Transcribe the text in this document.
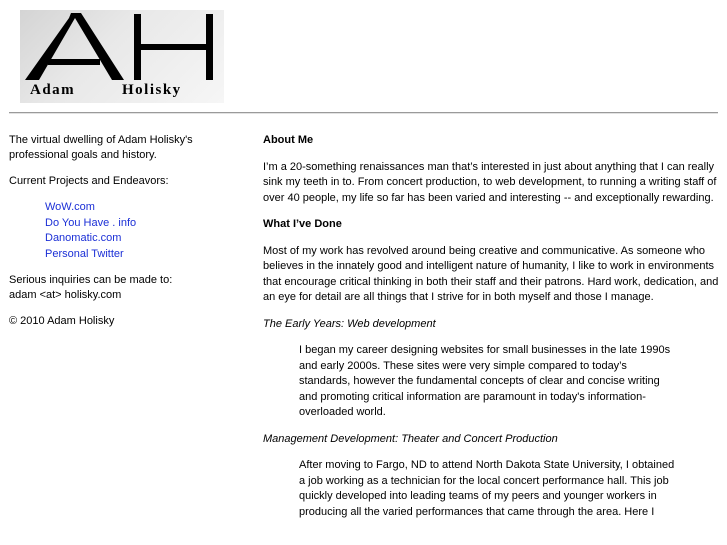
Adam	Holisky

The virtual dwelling of Adam Holisky's professional goals and history.

Current Projects and Endeavors:

WoW.com
Do You Have . info
Danomatic.com
Personal Twitter

Serious inquiries can be made to:
adam <at> holisky.com

© 2010 Adam Holisky

About Me

I’m a 20-something renaissances man that’s interested in just about anything that I can really sink my teeth in to. From concert production, to web development, to running a writing staff of over 40 people, my life so far has been varied and interesting -- and exceptionally rewarding.

What I’ve Done

Most of my work has revolved around being creative and communicative. As someone who believes in the innately good and intelligent nature of humanity, I like to work in environments that encourage critical thinking in both their staff and their patrons. Hard work, dedication, and an eye for detail are all things that I strive for in both myself and those I manage.

The Early Years: Web development

I began my career designing websites for small businesses in the late 1990s and early 2000s. These sites were very simple compared to today’s standards, however the fundamental concepts of clear and concise writing and promoting critical information are paramount in today's information-overloaded world.

Management Development: Theater and Concert Production

After moving to Fargo, ND to attend North Dakota State University, I obtained a job working as a technician for the local concert performance hall. This job quickly developed into leading teams of my peers and younger workers in producing all the varied performances that came through the area. Here I
